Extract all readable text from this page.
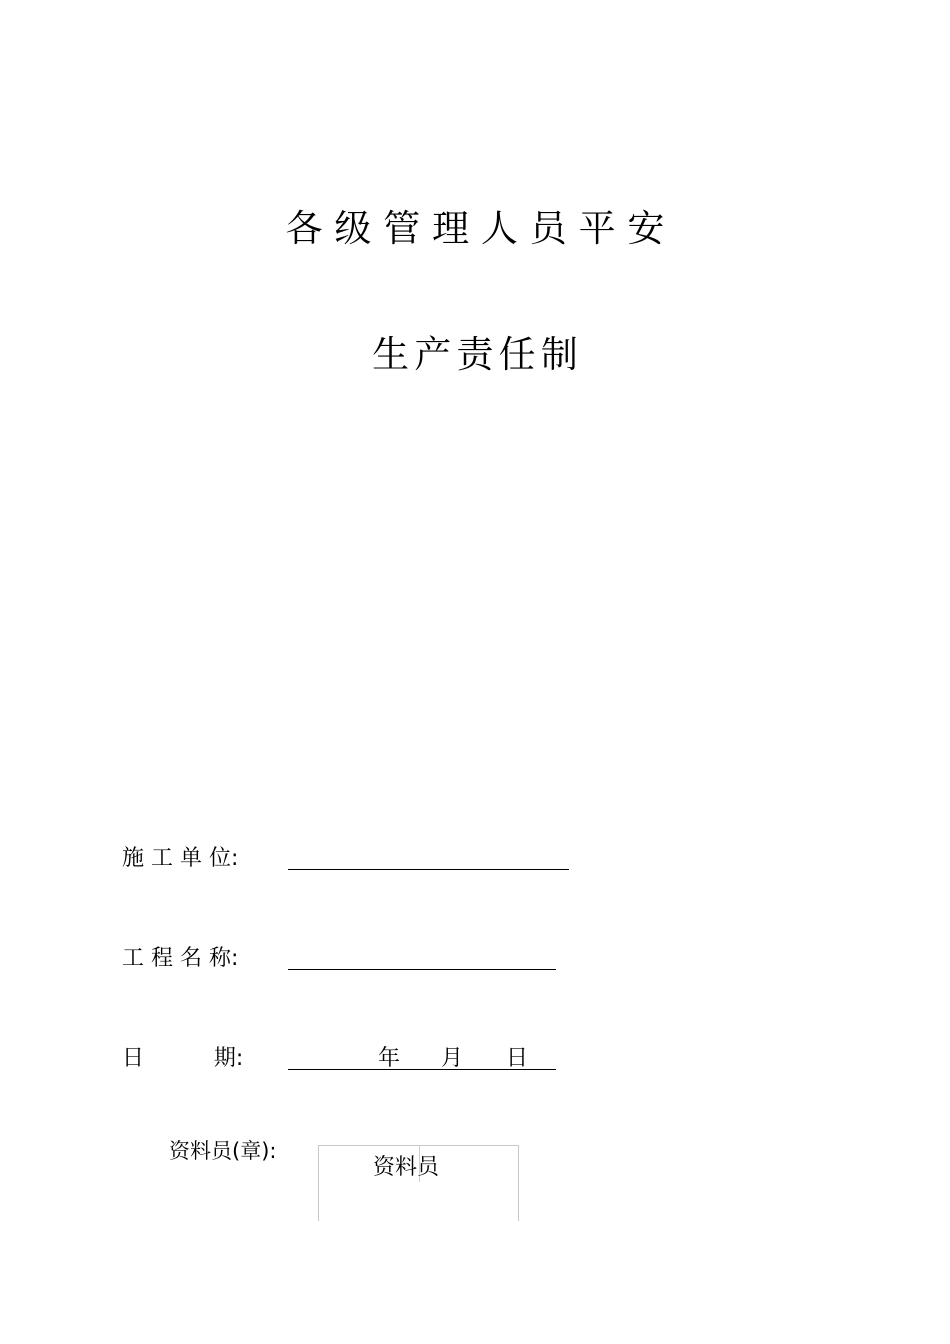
各级管理人员平安
生产责任制
施 工 单 位:
工 程 名 称:
日          期:	年 月 日
资料员(章):
资料员
